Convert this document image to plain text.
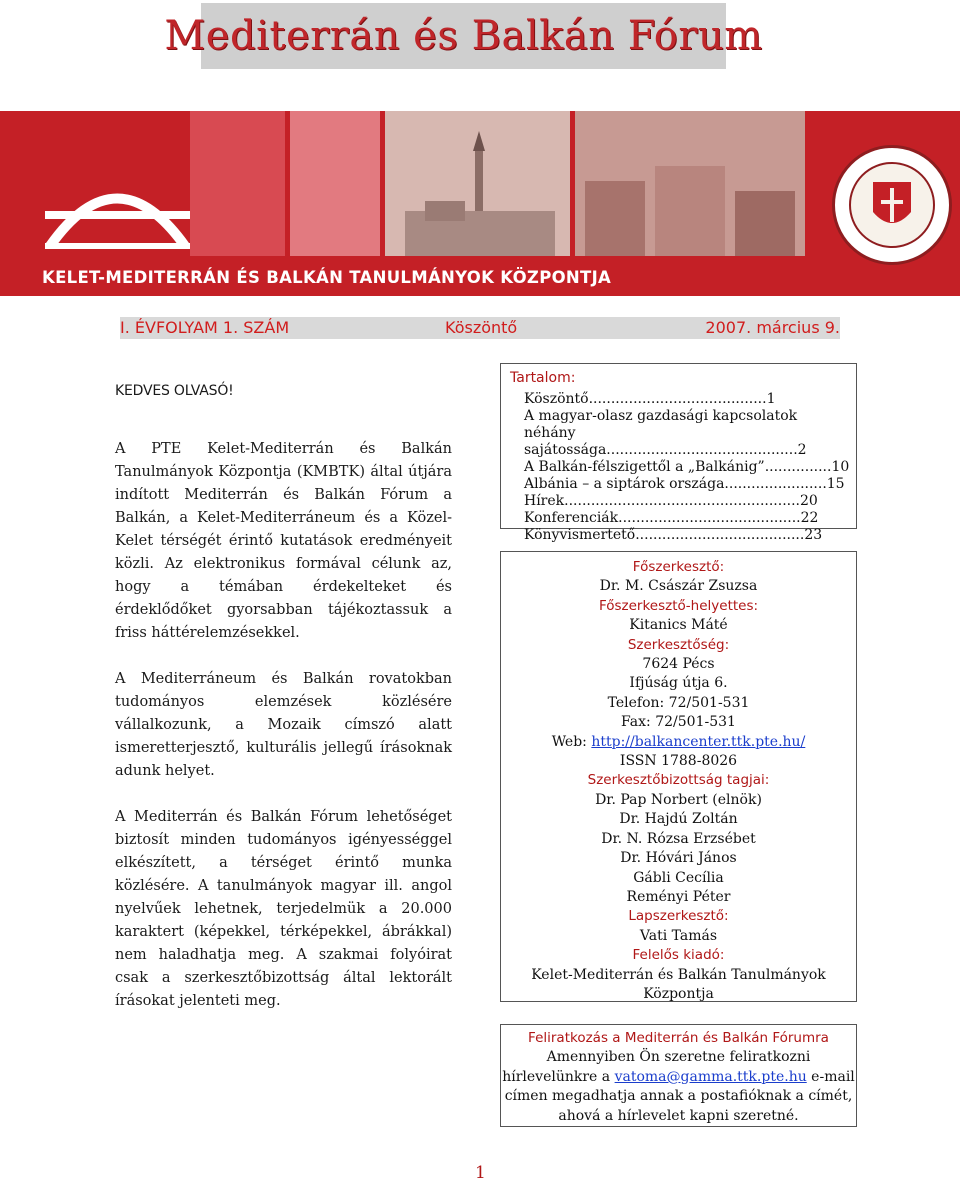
Mediterrán és Balkán Fórum
KELET-MEDITERRÁN ÉS BALKÁN TANULMÁNYOK KÖZPONTJA
I. ÉVFOLYAM 1. SZÁM	Köszöntő	2007. március 9.

KEDVES OLVASÓ!

A PTE Kelet-Mediterrán és Balkán Tanulmányok Központja (KMBTK) által útjára indított Mediterrán és Balkán Fórum a Balkán, a Kelet-Mediterráneum és a Közel-Kelet térségét érintő kutatások eredményeit közli. Az elektronikus formával célunk az, hogy a témában érdekelteket és érdeklődőket gyorsabban tájékoztassuk a friss háttérelemzésekkel.

A Mediterráneum és Balkán rovatokban tudományos elemzések közlésére vállalkozunk, a Mozaik címszó alatt ismeretterjesztő, kulturális jellegű írásoknak adunk helyet.

A Mediterrán és Balkán Fórum lehetőséget biztosít minden tudományos igényességgel elkészített, a térséget érintő munka közlésére. A tanulmányok magyar ill. angol nyelvűek lehetnek, terjedelmük a 20.000 karaktert (képekkel, térképekkel, ábrákkal) nem haladhatja meg. A szakmai folyóirat csak a szerkesztőbizottság által lektorált írásokat jelenteti meg.

Tartalom:
Köszöntő........................................1
A magyar-olasz gazdasági kapcsolatok néhány sajátossága...........................................2
A Balkán-félszigettől a „Balkánig”...............10
Albánia – a siptárok országa.......................15
Hírek.....................................................20
Konferenciák.........................................22
Könyvismertető......................................23
Főszerkesztő:
Dr. M. Császár Zsuzsa
Főszerkesztő-helyettes:
Kitanics Máté
Szerkesztőség:
7624 Pécs
Ifjúság útja 6.
Telefon: 72/501-531
Fax: 72/501-531
Web: http://balkancenter.ttk.pte.hu/
ISSN 1788-8026
Szerkesztőbizottság tagjai:
Dr. Pap Norbert (elnök)
Dr. Hajdú Zoltán
Dr. N. Rózsa Erzsébet
Dr. Hóvári János
Gábli Cecília
Reményi Péter
Lapszerkesztő:
Vati Tamás
Felelős kiadó:
Kelet-Mediterrán és Balkán Tanulmányok Központja
Feliratkozás a Mediterrán és Balkán Fórumra
Amennyiben Ön szeretne feliratkozni
hírlevelünkre a vatoma@gamma.ttk.pte.hu e-mail
címen megadhatja annak a postafióknak a címét,
ahová a hírlevelet kapni szeretné.
1
